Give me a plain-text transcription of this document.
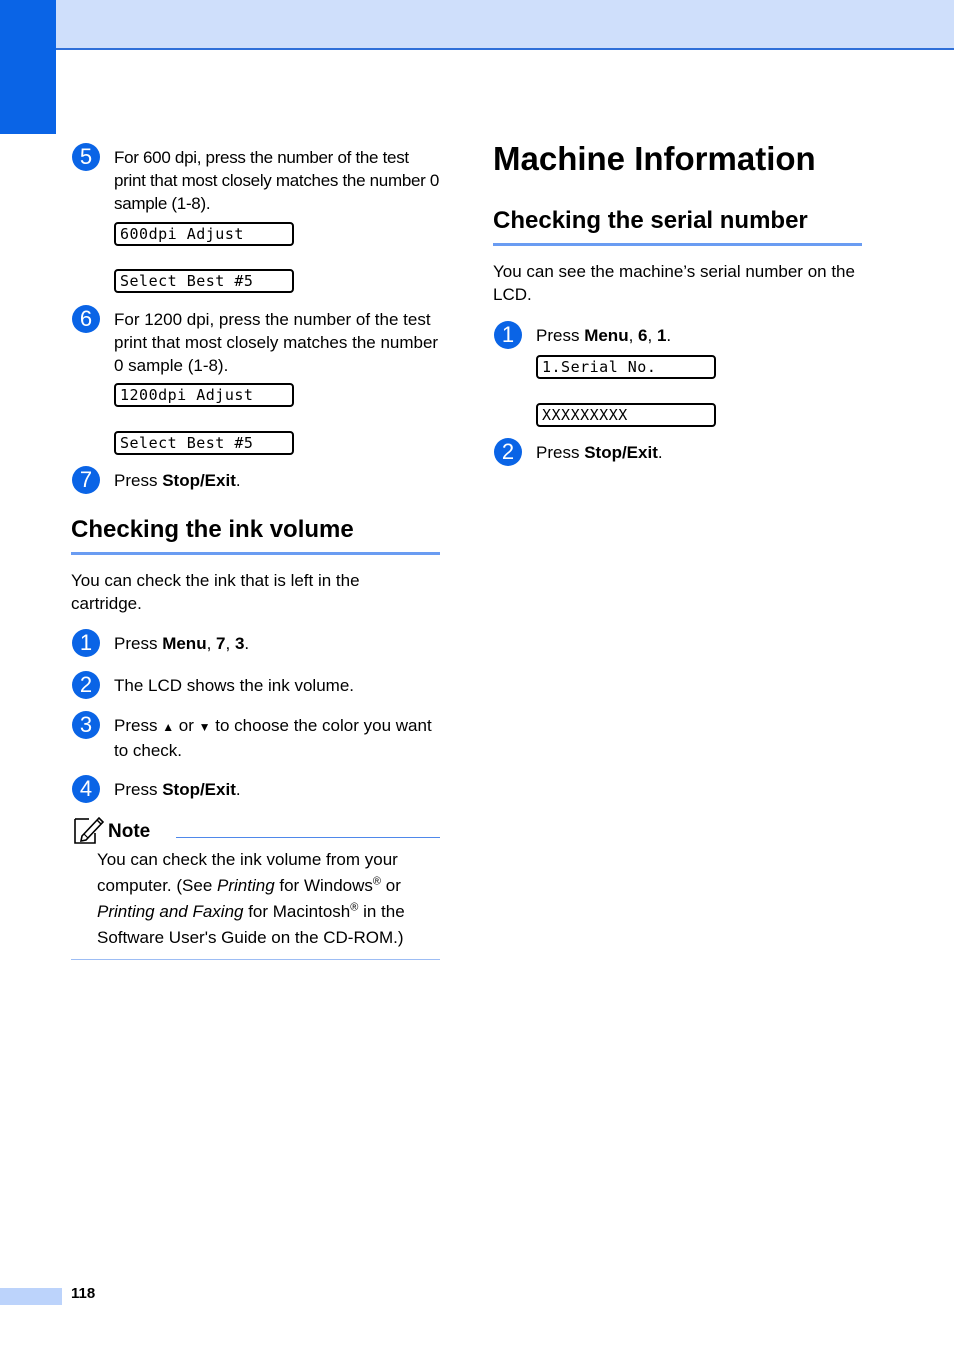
5	For 600 dpi, press the number of the test print that most closely matches the number 0 sample (1-8).
600dpi Adjust
Select Best #5
6	For 1200 dpi, press the number of the test print that most closely matches the number 0 sample (1-8).
1200dpi Adjust
Select Best #5
7	Press Stop/Exit.
Checking the ink volume
You can check the ink that is left in the cartridge.
1	Press Menu, 7, 3.
2	The LCD shows the ink volume.
3	Press ▲ or ▼ to choose the color you want to check.
4	Press Stop/Exit.
Note
You can check the ink volume from your computer. (See Printing for Windows® or Printing and Faxing for Macintosh® in the Software User's Guide on the CD-ROM.)
Machine Information
Checking the serial number
You can see the machine’s serial number on the LCD.
1	Press Menu, 6, 1.
1.Serial No.
XXXXXXXXX
2	Press Stop/Exit.
118
